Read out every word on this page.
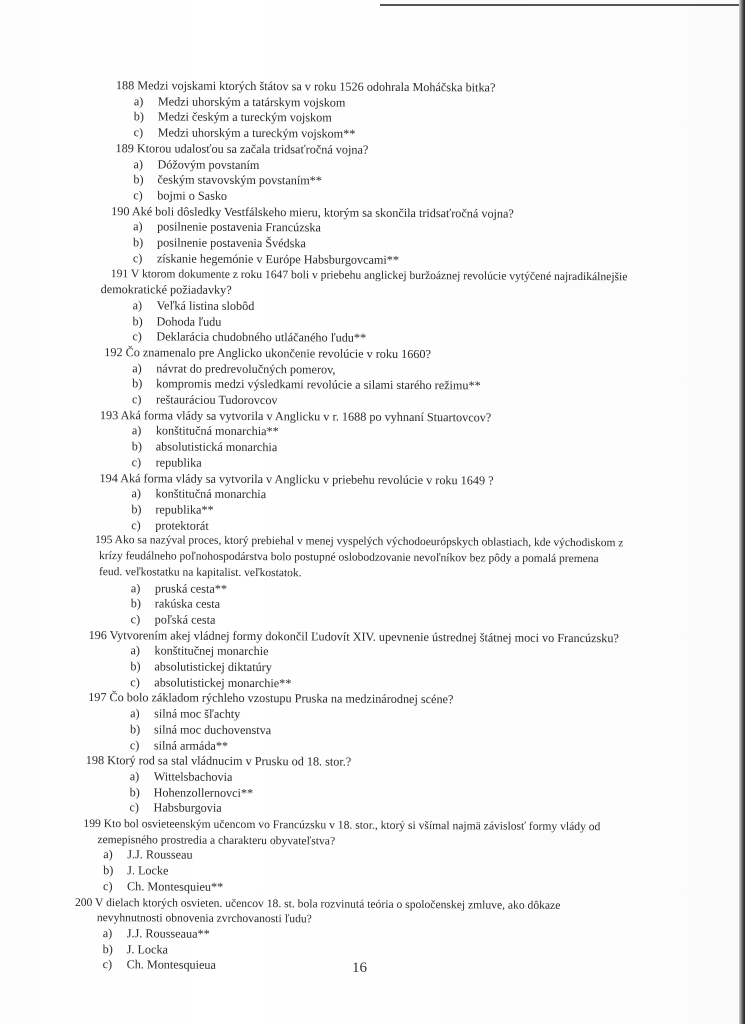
188 Medzi vojskami ktorých štátov sa v roku 1526 odohrala Moháčska bitka?
a) Medzi uhorským a tatárskym vojskom
b) Medzi českým a tureckým vojskom
c) Medzi uhorským a tureckým vojskom**
189 Ktorou udalosťou sa začala tridsaťročná vojna?
a) Dóžovým povstaním
b) českým stavovským povstaním**
c) bojmi o Sasko
190 Aké boli dôsledky Vestfálskeho mieru, ktorým sa skončila tridsaťročná vojna?
a) posilnenie postavenia Francúzska
b) posilnenie postavenia Švédska
c) získanie hegemónie v Európe Habsburgovcami**
191 V ktorom dokumente z roku 1647 boli v priebehu anglickej buržoáznej revolúcie vytýčené najradikálnejšie
demokratické požiadavky?
a) Veľká listina slobôd
b) Dohoda ľudu
c) Deklarácia chudobného utláčaného ľudu**
192 Čo znamenalo pre Anglicko ukončenie revolúcie v roku 1660?
a) návrat do predrevolučných pomerov,
b) kompromis medzi výsledkami revolúcie a silami starého režimu**
c) reštauráciou Tudorovcov
193 Aká forma vlády sa vytvorila v Anglicku v r. 1688 po vyhnaní Stuartovcov?
a) konštitučná monarchia**
b) absolutistická monarchia
c) republika
194 Aká forma vlády sa vytvorila v Anglicku v priebehu revolúcie v roku 1649 ?
a) konštitučná monarchia
b) republika**
c) protektorát
195 Ako sa nazýval proces, ktorý prebiehal v menej vyspelých východoeurópskych oblastiach, kde východiskom z
krízy feudálneho poľnohospodárstva bolo postupné oslobodzovanie nevoľníkov bez pôdy a pomalá premena
feud. veľkostatku na kapitalist. veľkostatok.
a) pruská cesta**
b) rakúska cesta
c) poľská cesta
196 Vytvorením akej vládnej formy dokončil Ľudovít XIV. upevnenie ústrednej štátnej moci vo Francúzsku?
a) konštitučnej monarchie
b) absolutistickej diktatúry
c) absolutistickej monarchie**
197 Čo bolo základom rýchleho vzostupu Pruska na medzinárodnej scéne?
a) silná moc šľachty
b) silná moc duchovenstva
c) silná armáda**
198 Ktorý rod sa stal vládnucim v Prusku od 18. stor.?
a) Wittelsbachovia
b) Hohenzollernovci**
c) Habsburgovia
199 Kto bol osvieteenským učencom vo Francúzsku v 18. stor., ktorý si všímal najmä závislosť formy vlády od
zemepisného prostredia a charakteru obyvateľstva?
a) J.J. Rousseau
b) J. Locke
c) Ch. Montesquieu**
200 V dielach ktorých osvieten. učencov 18. st. bola rozvinutá teória o spoločenskej zmluve, ako dôkaze
nevyhnutnosti obnovenia zvrchovanosti ľudu?
a) J.J. Rousseaua**
b) J. Locka
c) Ch. Montesquieua	16
